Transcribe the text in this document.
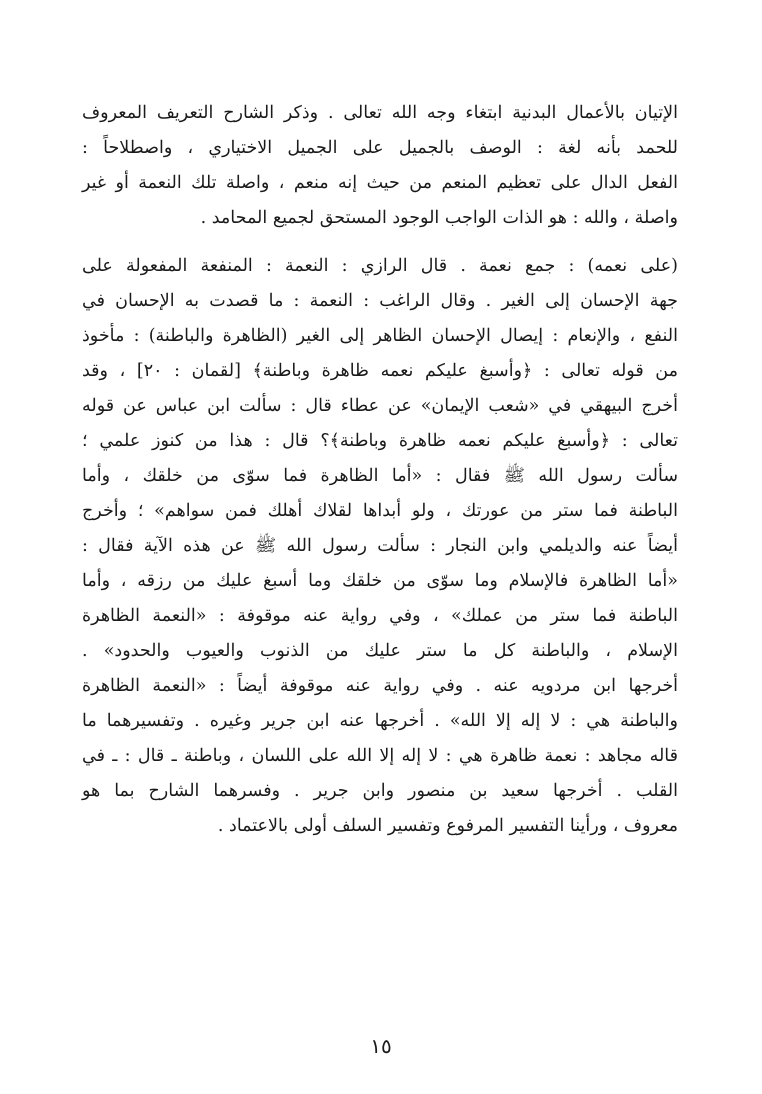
الإتيان بالأعمال البدنية ابتغاء وجه الله تعالى . وذكر الشارح التعريف المعروف
للحمد بأنه لغة : الوصف بالجميل على الجميل الاختياري ، واصطلاحاً :
الفعل الدال على تعظيم المنعم من حيث إنه منعم ، واصلة تلك النعمة أو غير
واصلة ، والله : هو الذات الواجب الوجود المستحق لجميع المحامد .

(على نعمه) : جمع نعمة . قال الرازي : النعمة : المنفعة المفعولة على
جهة الإحسان إلى الغير . وقال الراغب : النعمة : ما قصدت به الإحسان في
النفع ، والإنعام : إيصال الإحسان الظاهر إلى الغير (الظاهرة والباطنة) : مأخوذ
من قوله تعالى : ﴿وأسبغ عليكم نعمه ظاهرة وباطنة﴾ [لقمان : ٢٠] ، وقد
أخرج البيهقي في «شعب الإيمان» عن عطاء قال : سألت ابن عباس عن قوله
تعالى : ﴿وأسبغ عليكم نعمه ظاهرة وباطنة﴾؟ قال : هذا من كنوز علمي ؛
سألت رسول الله ﷺ فقال : «أما الظاهرة فما سوّى من خلقك ، وأما
الباطنة فما ستر من عورتك ، ولو أبداها لقلاك أهلك فمن سواهم» ؛ وأخرج
أيضاً عنه والديلمي وابن النجار : سألت رسول الله ﷺ عن هذه الآية فقال :
«أما الظاهرة فالإسلام وما سوّى من خلقك وما أسبغ عليك من رزقه ، وأما
الباطنة فما ستر من عملك» ، وفي رواية عنه موقوفة : «النعمة الظاهرة
الإسلام ، والباطنة كل ما ستر عليك من الذنوب والعيوب والحدود» .
أخرجها ابن مردويه عنه . وفي رواية عنه موقوفة أيضاً : «النعمة الظاهرة
والباطنة هي : لا إله إلا الله» . أخرجها عنه ابن جرير وغيره . وتفسيرهما ما
قاله مجاهد : نعمة ظاهرة هي : لا إله إلا الله على اللسان ، وباطنة ـ قال : ـ في
القلب . أخرجها سعيد بن منصور وابن جرير . وفسرهما الشارح بما هو
معروف ، ورأينا التفسير المرفوع وتفسير السلف أولى بالاعتماد .

١٥
